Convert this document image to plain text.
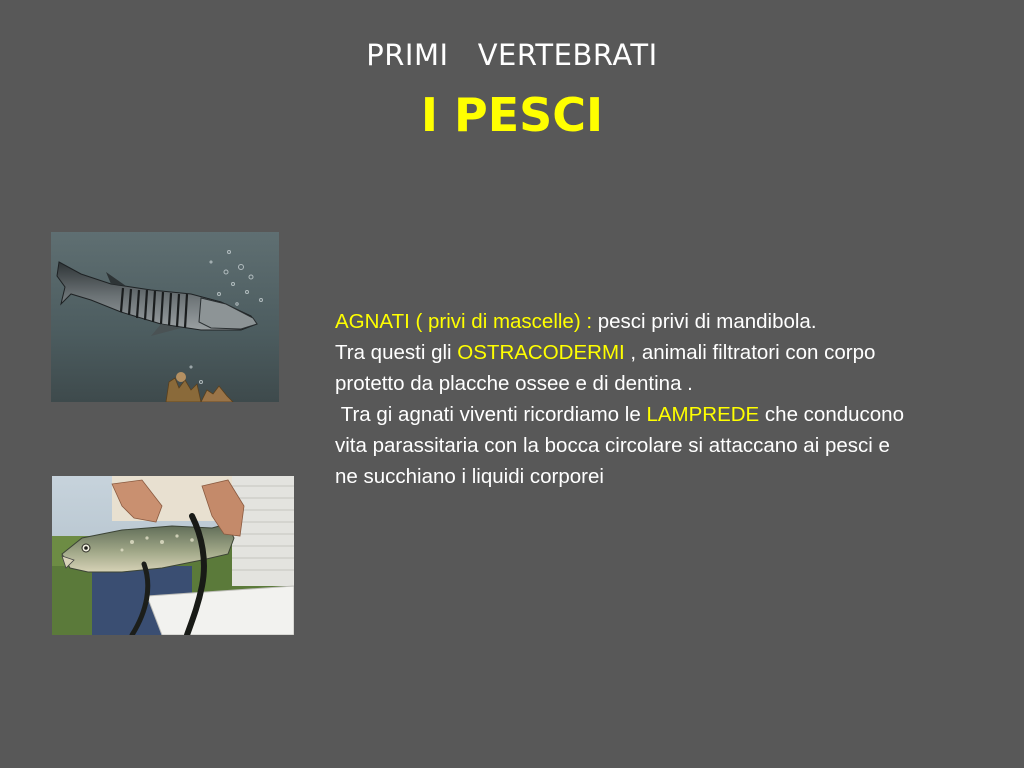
PRIMI   VERTEBRATI
I PESCI

AGNATI ( privi di mascelle) : pesci privi di mandibola.

Tra questi gli OSTRACODERMI , animali filtratori con corpo protetto da placche ossee e di dentina .

Tra gi agnati viventi ricordiamo le LAMPREDE che conducono vita parassitaria con la bocca circolare si attaccano ai pesci e ne succhiano i liquidi corporei
